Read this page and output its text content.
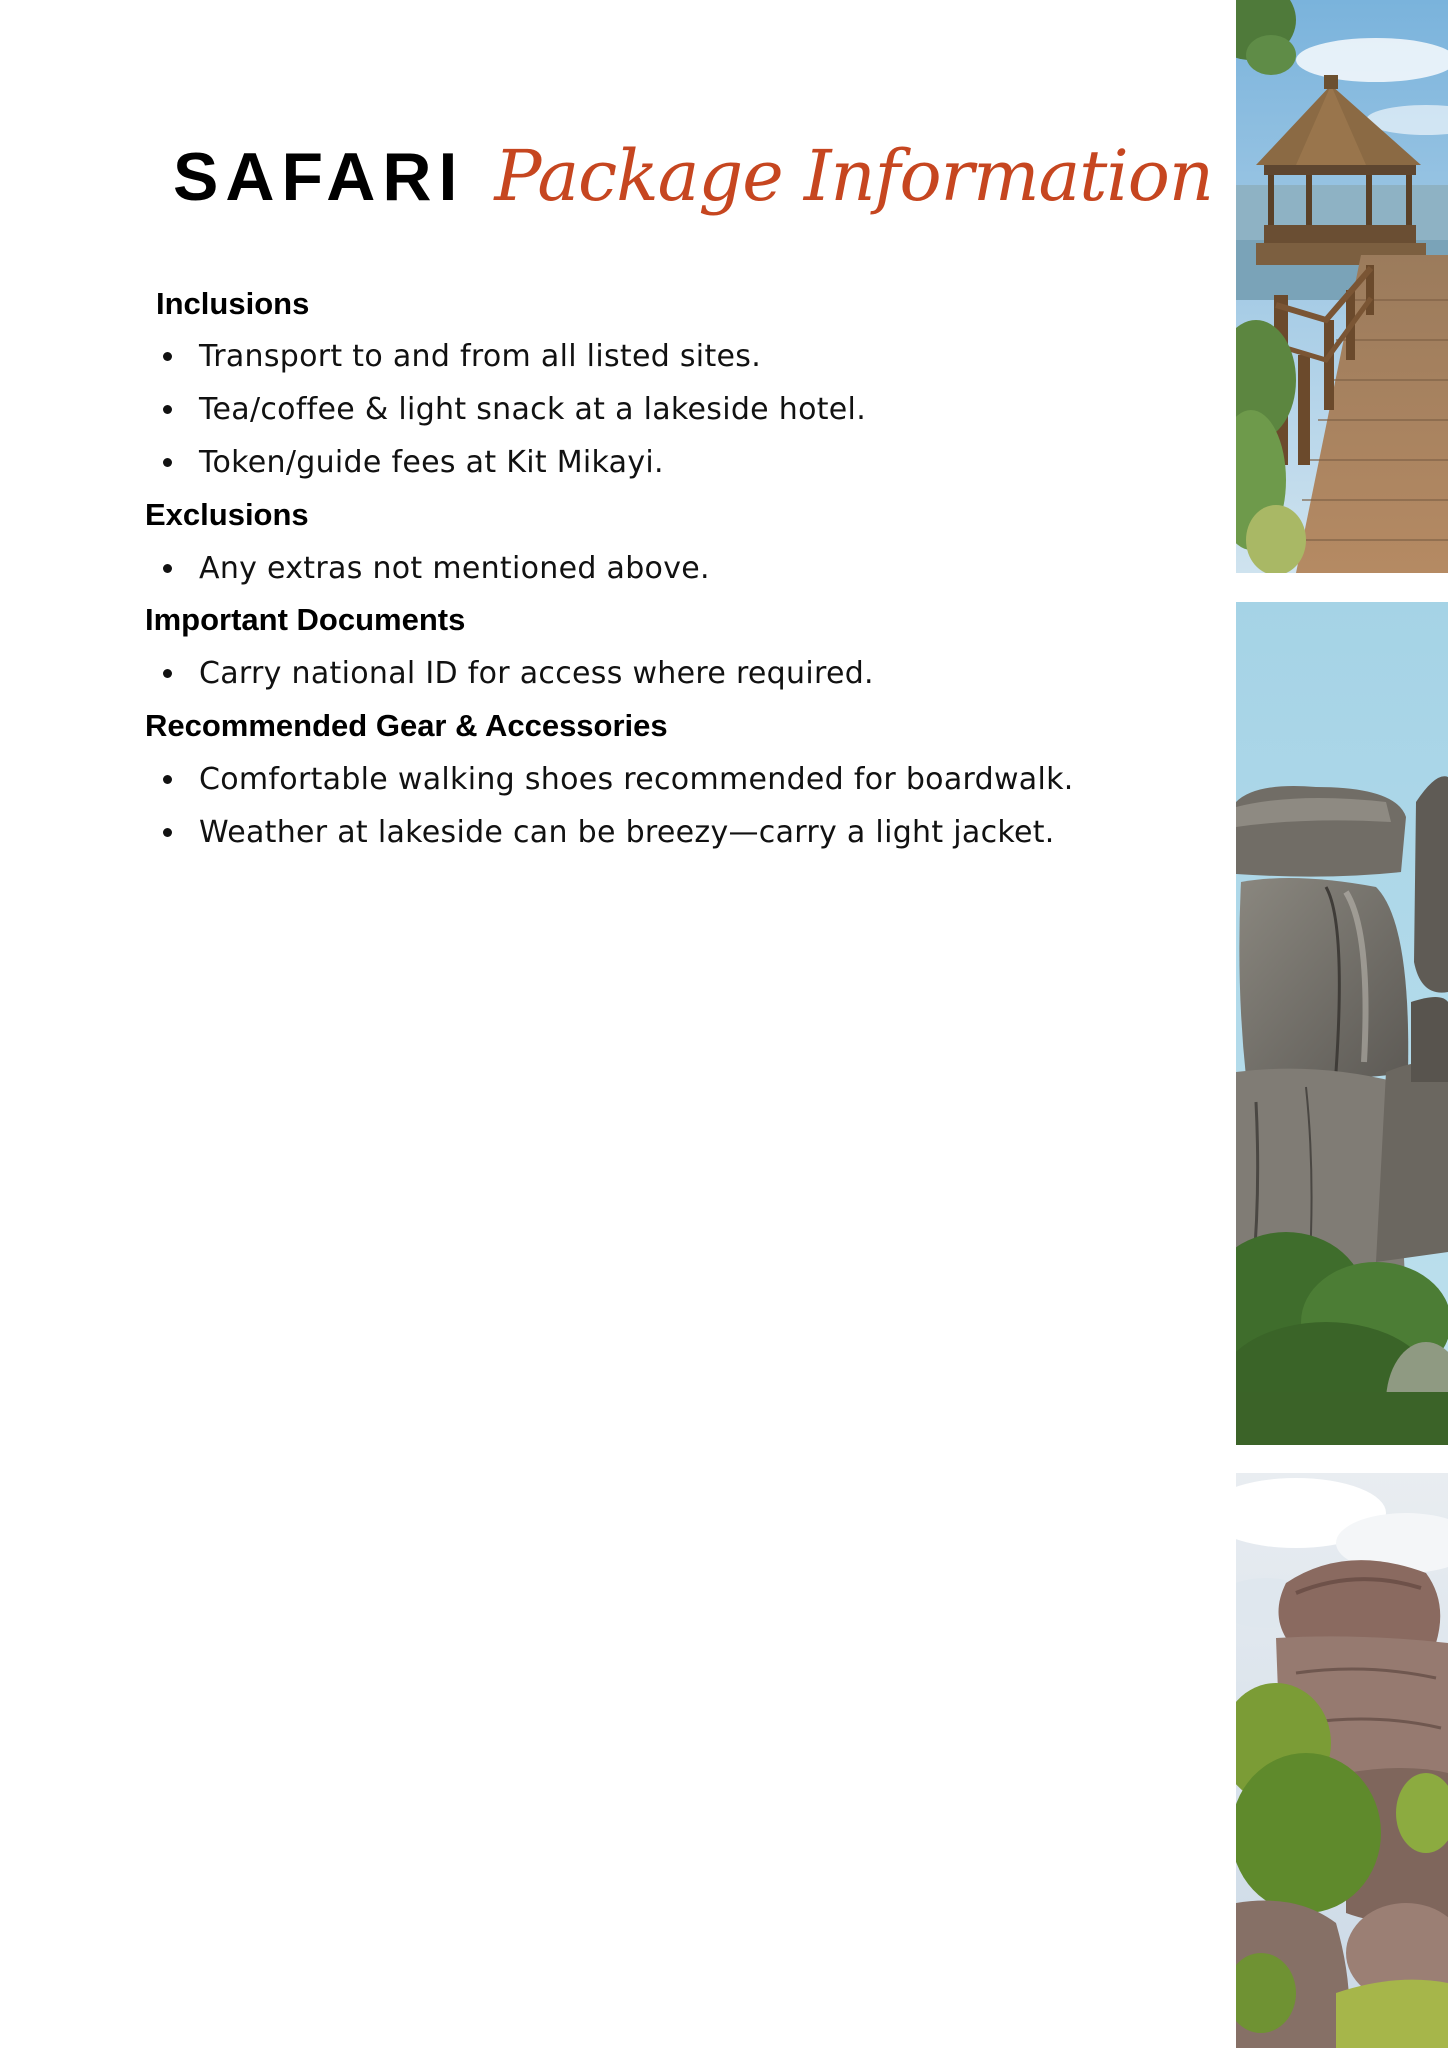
SAFARI Package Information
Inclusions
Transport to and from all listed sites.
Tea/coffee & light snack at a lakeside hotel.
Token/guide fees at Kit Mikayi.
Exclusions
Any extras not mentioned above.
Important Documents
Carry national ID for access where required.
Recommended Gear & Accessories
Comfortable walking shoes recommended for boardwalk.
Weather at lakeside can be breezy—carry a light jacket.
